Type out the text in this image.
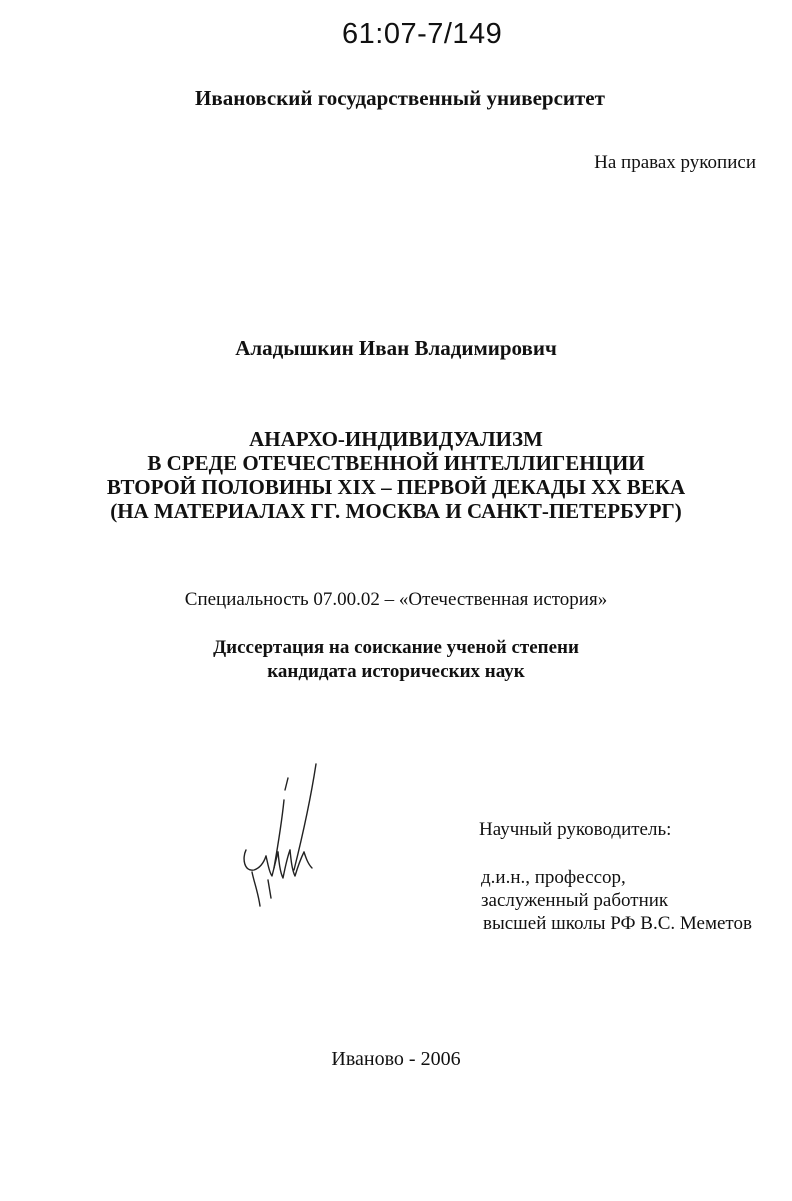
61:07-7/149
Ивановский государственный университет
На правах рукописи
Аладышкин Иван Владимирович
АНАРХО-ИНДИВИДУАЛИЗМ
В СРЕДЕ ОТЕЧЕСТВЕННОЙ ИНТЕЛЛИГЕНЦИИ
ВТОРОЙ ПОЛОВИНЫ XIX – ПЕРВОЙ ДЕКАДЫ XX ВЕКА
(НА МАТЕРИАЛАХ ГГ. МОСКВА И САНКТ-ПЕТЕРБУРГ)
Специальность 07.00.02 – «Отечественная история»
Диссертация на соискание ученой степени
кандидата исторических наук
Научный руководитель:
д.и.н., профессор,
заслуженный работник
высшей школы РФ В.С. Меметов
Иваново - 2006
